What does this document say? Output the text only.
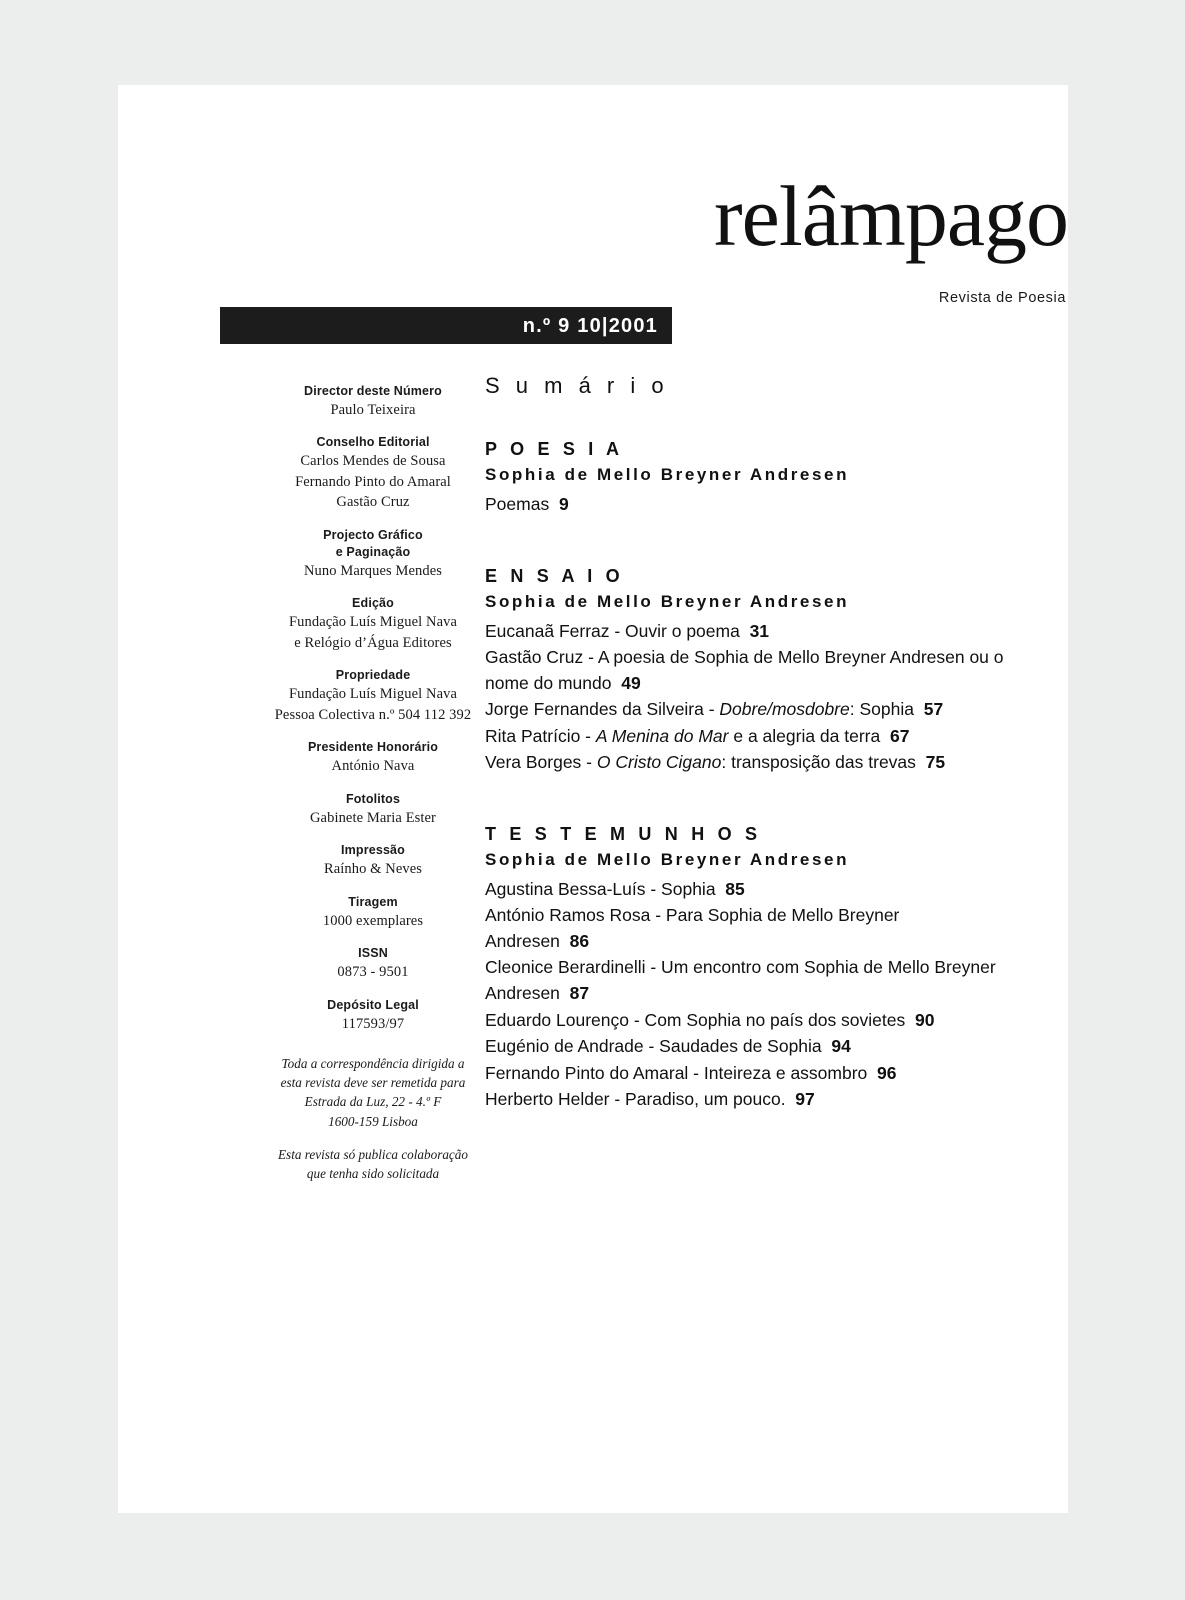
relâmpago
Revista de Poesia
n.º 9 10|2001
Director deste Número
Paulo Teixeira
Conselho Editorial
Carlos Mendes de Sousa
Fernando Pinto do Amaral
Gastão Cruz
Projecto Gráfico
e Paginação
Nuno Marques Mendes
Edição
Fundação Luís Miguel Nava
e Relógio d’Água Editores
Propriedade
Fundação Luís Miguel Nava
Pessoa Colectiva n.º 504 112 392
Presidente Honorário
António Nava
Fotolitos
Gabinete Maria Ester
Impressão
Raínho & Neves
Tiragem
1000 exemplares
ISSN
0873 - 9501
Depósito Legal
117593/97
Toda a correspondência dirigida a
esta revista deve ser remetida para
Estrada da Luz, 22 - 4.º F
1600-159 Lisboa
Esta revista só publica colaboração
que tenha sido solicitada
S u m á r i o
P O E S I A
Sophia de Mello Breyner Andresen
Poemas 9
E N S A I O
Sophia de Mello Breyner Andresen
Eucanaã Ferraz - Ouvir o poema 31
Gastão Cruz - A poesia de Sophia de Mello Breyner Andresen ou o nome do mundo 49
Jorge Fernandes da Silveira - Dobre/mosdobre: Sophia 57
Rita Patrício - A Menina do Mar e a alegria da terra 67
Vera Borges - O Cristo Cigano: transposição das trevas 75
T E S T E M U N H O S
Sophia de Mello Breyner Andresen
Agustina Bessa-Luís - Sophia 85
António Ramos Rosa - Para Sophia de Mello Breyner Andresen 86
Cleonice Berardinelli - Um encontro com Sophia de Mello Breyner Andresen 87
Eduardo Lourenço - Com Sophia no país dos sovietes 90
Eugénio de Andrade - Saudades de Sophia 94
Fernando Pinto do Amaral - Inteireza e assombro 96
Herberto Helder - Paradiso, um pouco. 97
